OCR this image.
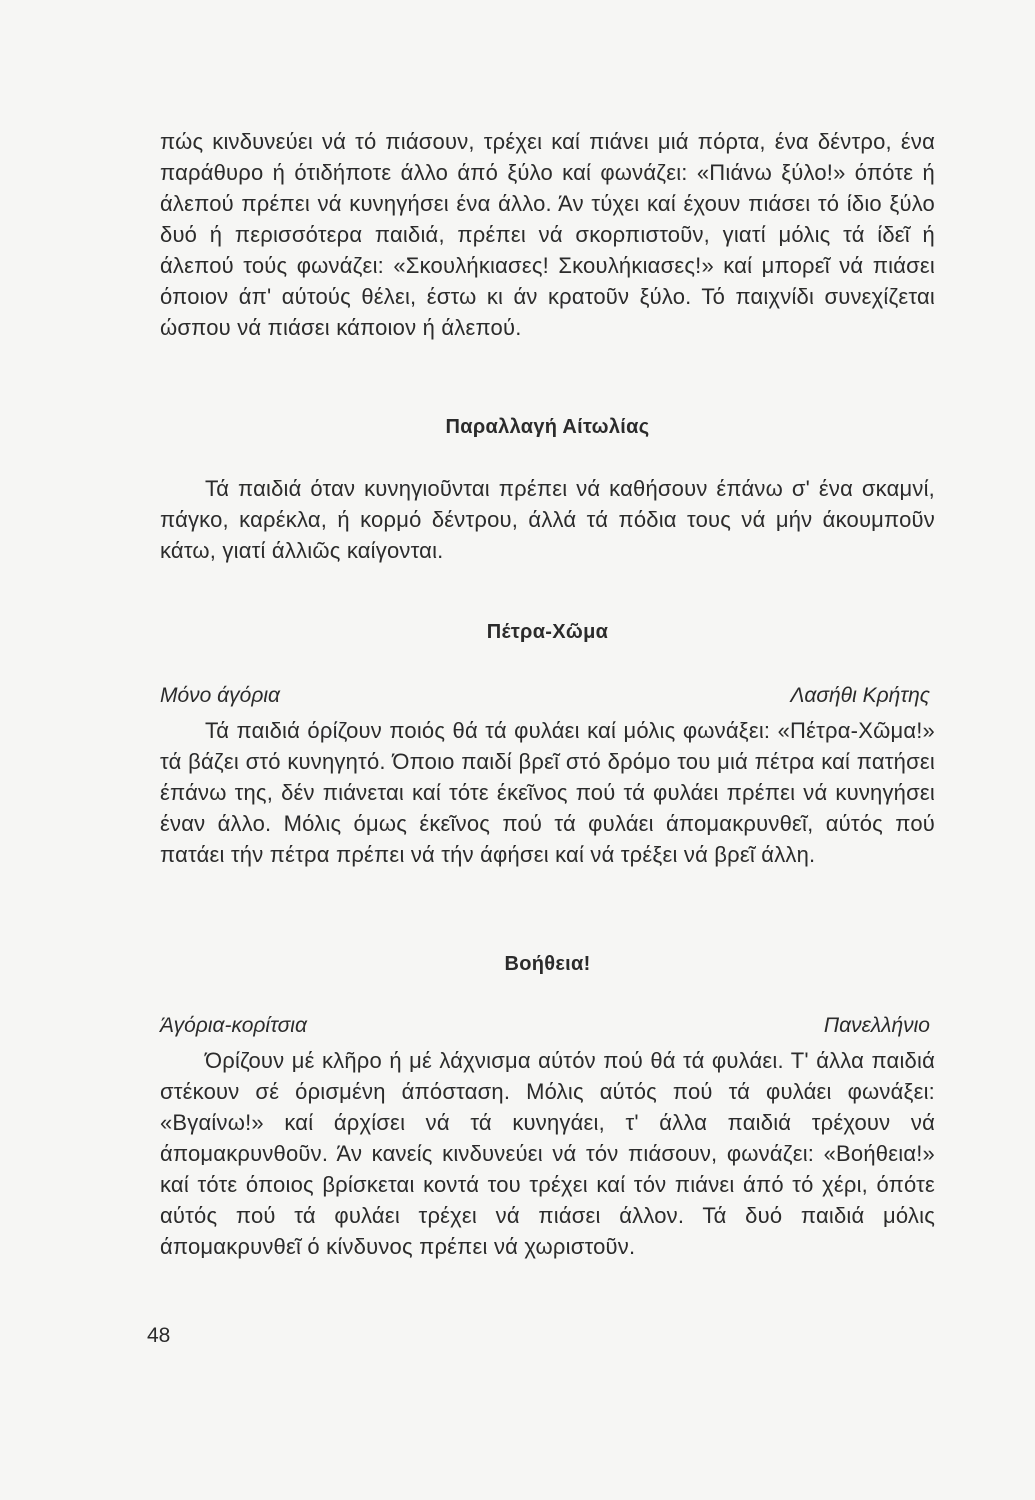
πώς κινδυνεύει νά τό πιάσουν, τρέχει καί πιάνει μιά πόρτα, ένα δέντρο, ένα παράθυρο ή ότιδήποτε άλλο άπό ξύλο καί φωνάζει: «Πιάνω ξύλο!» όπότε ή άλεπού πρέπει νά κυνηγήσει ένα άλλο. Άν τύχει καί έχουν πιάσει τό ίδιο ξύλο δυό ή περισσότερα παιδιά, πρέπει νά σκορπιστοῦν, γιατί μόλις τά ίδεῖ ή άλεπού τούς φωνάζει: «Σκουλήκιασες! Σκουλήκιασες!» καί μπορεῖ νά πιάσει όποιον άπ' αύτούς θέλει, έστω κι άν κρατοῦν ξύλο. Τό παιχνίδι συνεχίζεται ώσπου νά πιάσει κάποιον ή άλεπού.

Παραλλαγή Αίτωλίας

Τά παιδιά όταν κυνηγιοῦνται πρέπει νά καθήσουν έπάνω σ' ένα σκαμνί, πάγκο, καρέκλα, ή κορμό δέντρου, άλλά τά πόδια τους νά μήν άκουμποῦν κάτω, γιατί άλλιῶς καίγονται.

Πέτρα-Χῶμα
Μόνο άγόρια	Λασήθι Κρήτης

Τά παιδιά όρίζουν ποιός θά τά φυλάει καί μόλις φωνάξει: «Πέτρα-Χῶμα!» τά βάζει στό κυνηγητό. Όποιο παιδί βρεῖ στό δρόμο του μιά πέτρα καί πατήσει έπάνω της, δέν πιάνεται καί τότε έκεῖνος πού τά φυλάει πρέπει νά κυνηγήσει έναν άλλο. Μόλις όμως έκεῖνος πού τά φυλάει άπομακρυνθεῖ, αύτός πού πατάει τήν πέτρα πρέπει νά τήν άφήσει καί νά τρέξει νά βρεῖ άλλη.

Βοήθεια!
Άγόρια-κορίτσια	Πανελλήνιο

Όρίζουν μέ κλῆρο ή μέ λάχνισμα αύτόν πού θά τά φυλάει. Τ' άλλα παιδιά στέκουν σέ όρισμένη άπόσταση. Μόλις αύτός πού τά φυλάει φωνάξει: «Βγαίνω!» καί άρχίσει νά τά κυνηγάει, τ' άλλα παιδιά τρέχουν νά άπομακρυνθοῦν. Άν κανείς κινδυνεύει νά τόν πιάσουν, φωνάζει: «Βοήθεια!» καί τότε όποιος βρίσκεται κοντά του τρέχει καί τόν πιάνει άπό τό χέρι, όπότε αύτός πού τά φυλάει τρέχει νά πιάσει άλλον. Τά δυό παιδιά μόλις άπομακρυνθεῖ ό κίνδυνος πρέπει νά χωριστοῦν.

48
